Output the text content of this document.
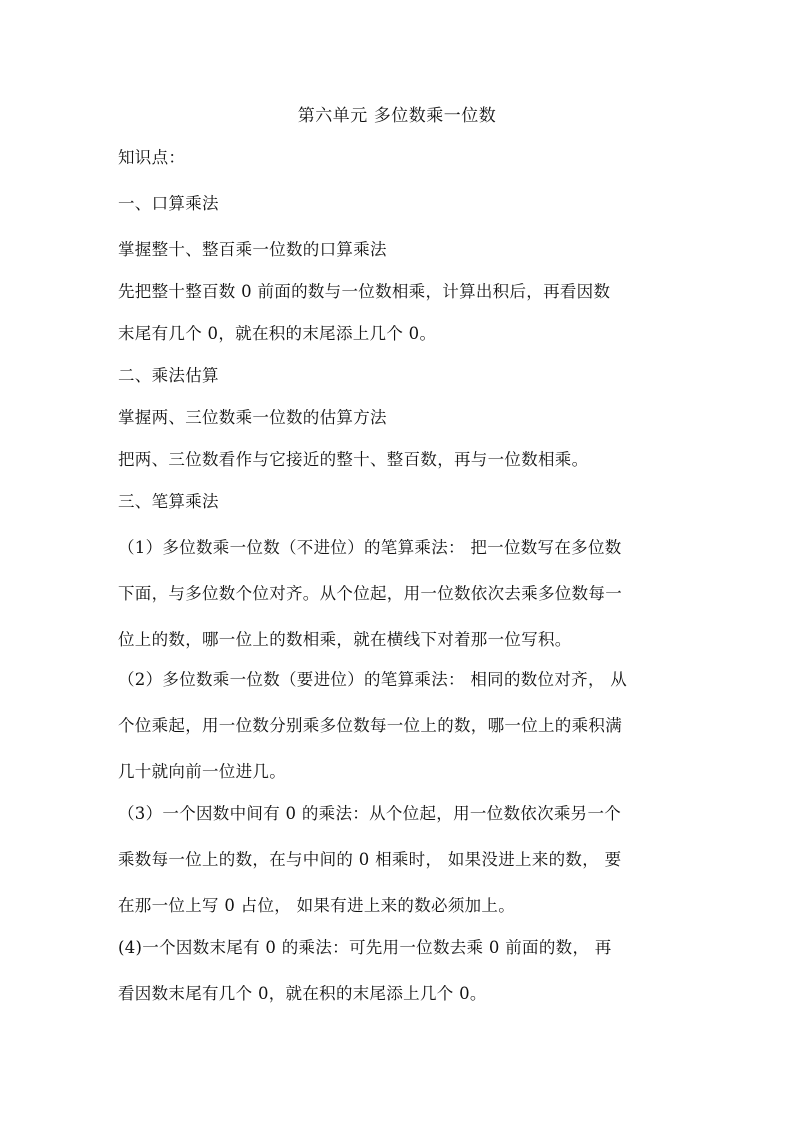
第六单元 多位数乘一位数
知识点：
一、口算乘法
掌握整十、整百乘一位数的口算乘法
先把整十整百数 0 前面的数与一位数相乘，计算出积后，再看因数
末尾有几个 0，就在积的末尾添上几个 0。
二、乘法估算
掌握两、三位数乘一位数的估算方法
把两、三位数看作与它接近的整十、整百数，再与一位数相乘。
三、笔算乘法
（1）多位数乘一位数（不进位）的笔算乘法： 把一位数写在多位数
下面，与多位数个位对齐。从个位起，用一位数依次去乘多位数每一
位上的数，哪一位上的数相乘，就在横线下对着那一位写积。
（2）多位数乘一位数（要进位）的笔算乘法： 相同的数位对齐， 从
个位乘起，用一位数分别乘多位数每一位上的数，哪一位上的乘积满
几十就向前一位进几。
（3）一个因数中间有 0 的乘法：从个位起，用一位数依次乘另一个
乘数每一位上的数，在与中间的 0 相乘时， 如果没进上来的数， 要
在那一位上写 0 占位， 如果有进上来的数必须加上。
(4)一个因数末尾有 0 的乘法：可先用一位数去乘 0 前面的数， 再
看因数末尾有几个 0，就在积的末尾添上几个 0。
